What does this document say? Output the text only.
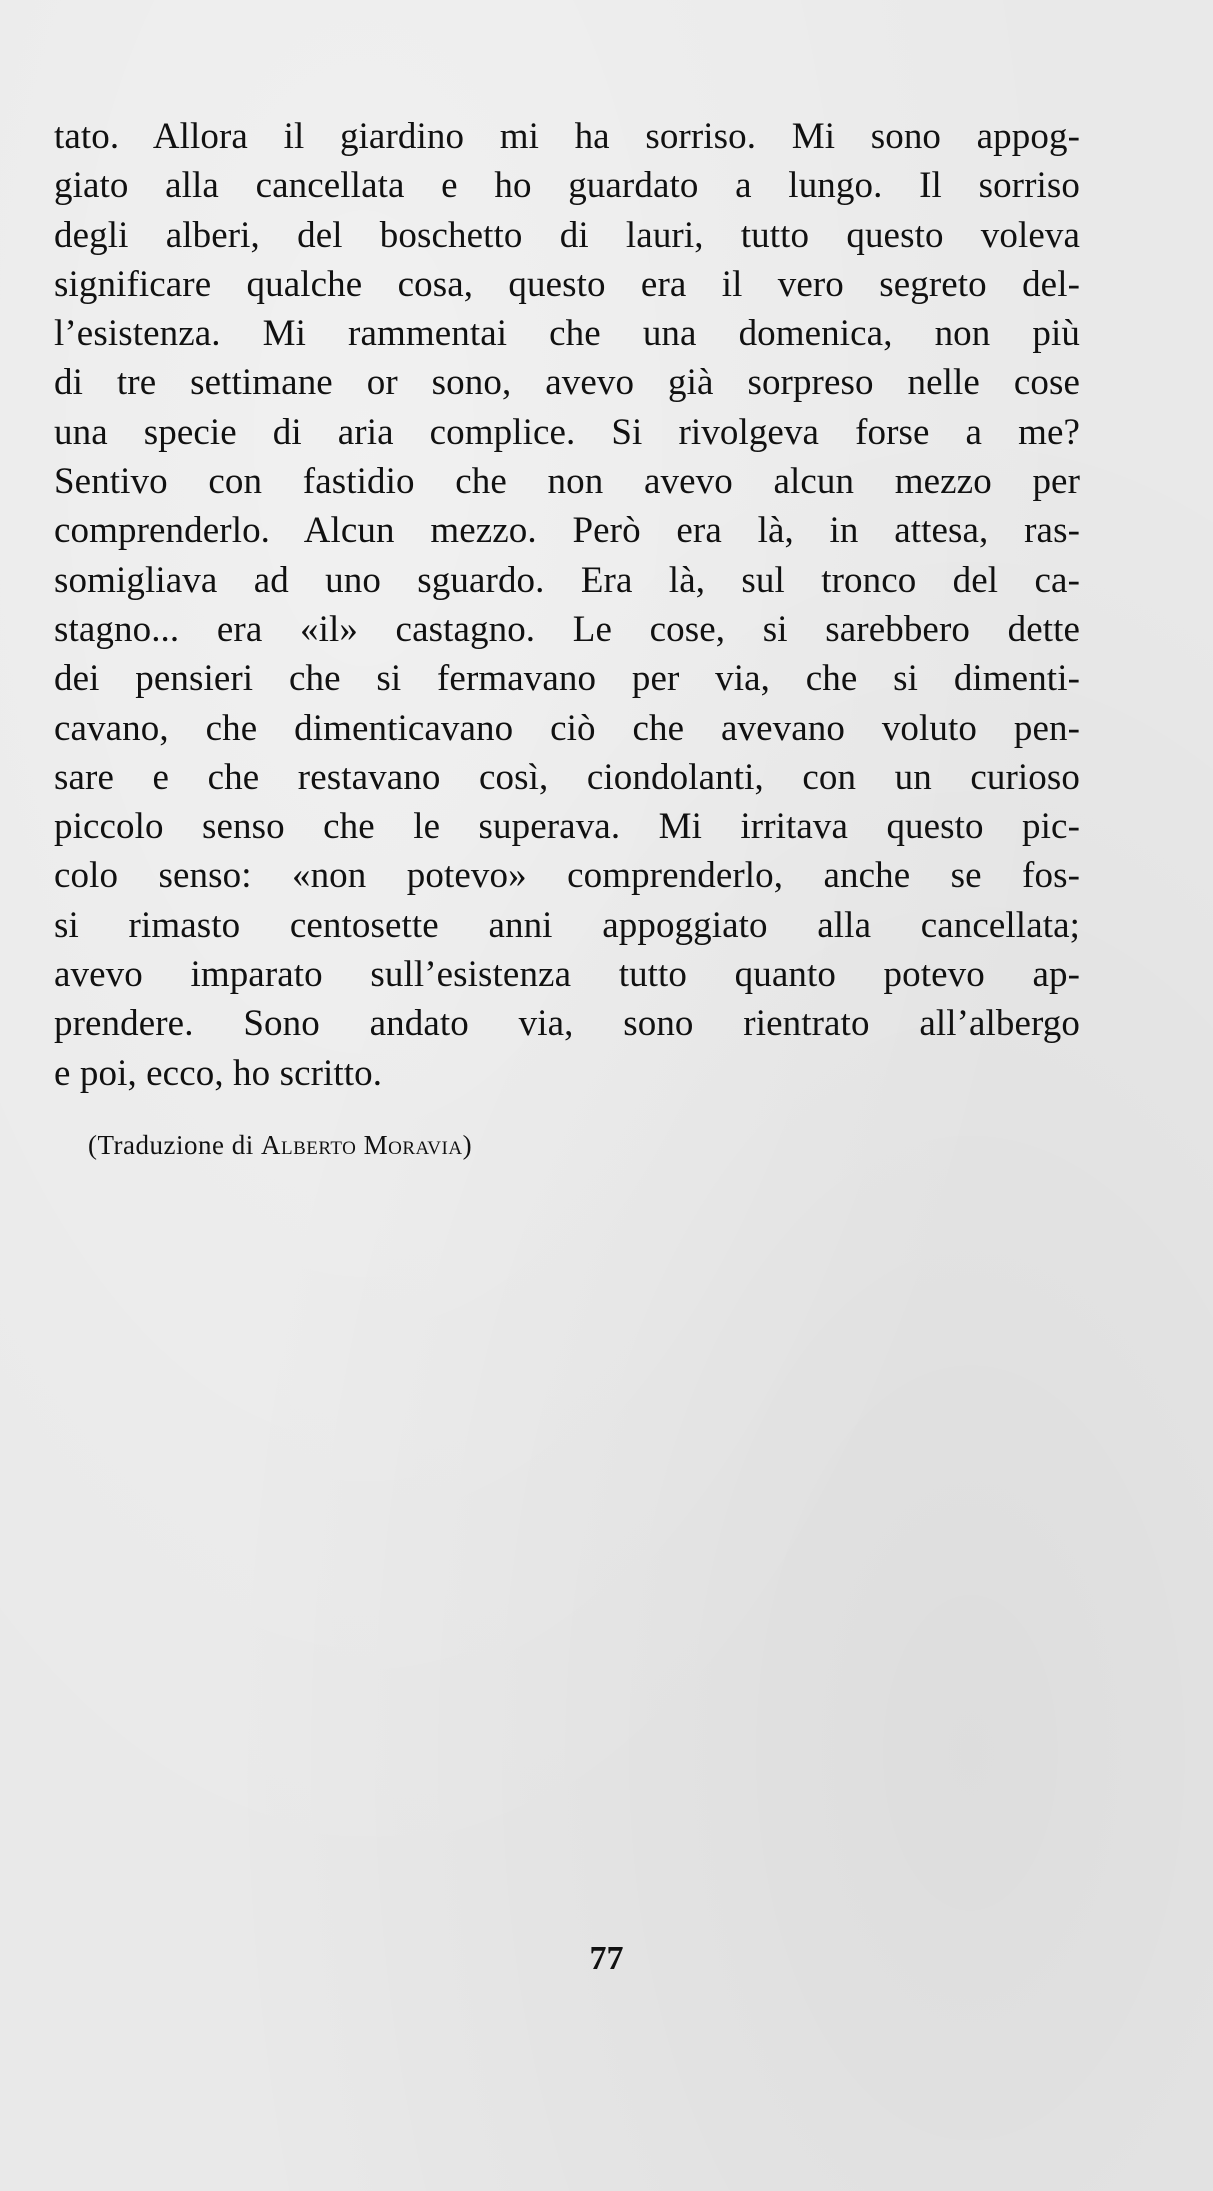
tato. Allora il giardino mi ha sorriso. Mi sono appog-
giato alla cancellata e ho guardato a lungo. Il sorriso
degli alberi, del boschetto di lauri, tutto questo voleva
significare qualche cosa, questo era il vero segreto del-
l’esistenza. Mi rammentai che una domenica, non più
di tre settimane or sono, avevo già sorpreso nelle cose
una specie di aria complice. Si rivolgeva forse a me?
Sentivo con fastidio che non avevo alcun mezzo per
comprenderlo. Alcun mezzo. Però era là, in attesa, ras-
somigliava ad uno sguardo. Era là, sul tronco del ca-
stagno... era «il» castagno. Le cose, si sarebbero dette
dei pensieri che si fermavano per via, che si dimenti-
cavano, che dimenticavano ciò che avevano voluto pen-
sare e che restavano così, ciondolanti, con un curioso
piccolo senso che le superava. Mi irritava questo pic-
colo senso: «non potevo» comprenderlo, anche se fos-
si rimasto centosette anni appoggiato alla cancellata;
avevo imparato sull’esistenza tutto quanto potevo ap-
prendere. Sono andato via, sono rientrato all’albergo
e poi, ecco, ho scritto.
(Traduzione di Alberto Moravia)
77
